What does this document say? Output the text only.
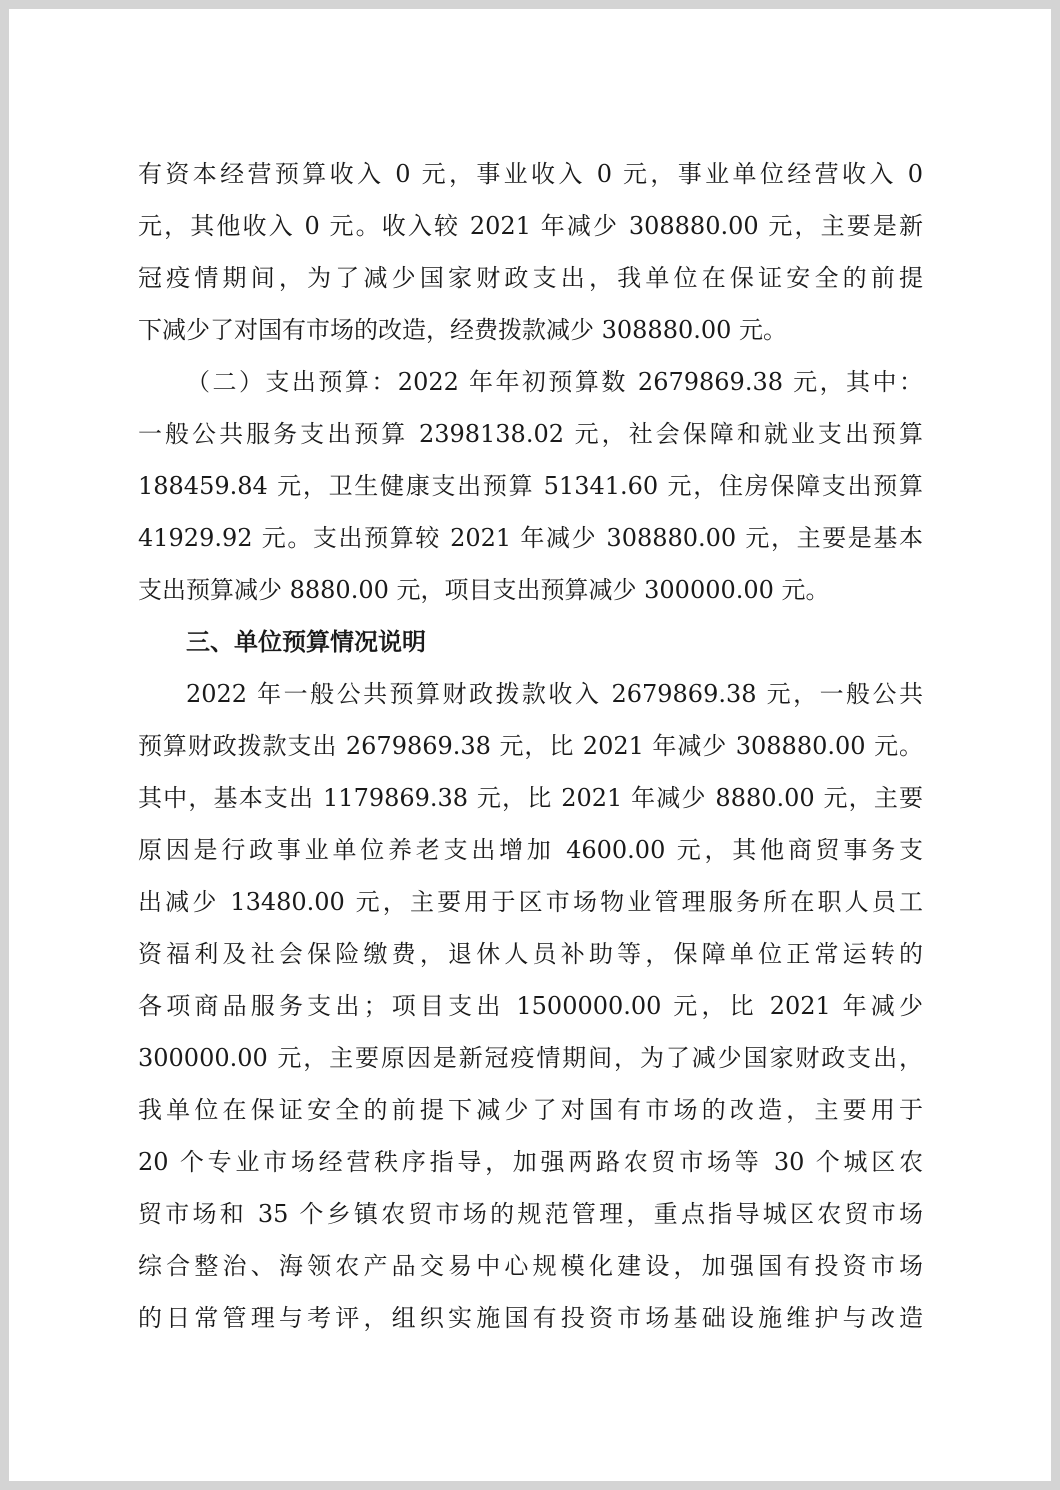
有资本经营预算收入 0 元，事业收入 0 元，事业单位经营收入 0
元，其他收入 0 元。收入较 2021 年减少 308880.00 元，主要是新
冠疫情期间，为了减少国家财政支出，我单位在保证安全的前提
下减少了对国有市场的改造，经费拨款减少 308880.00 元。
（二）支出预算：2022 年年初预算数 2679869.38 元，其中：
一般公共服务支出预算 2398138.02 元，社会保障和就业支出预算
188459.84 元，卫生健康支出预算 51341.60 元，住房保障支出预算
41929.92 元。支出预算较 2021 年减少 308880.00 元，主要是基本
支出预算减少 8880.00 元，项目支出预算减少 300000.00 元。
三、单位预算情况说明
2022 年一般公共预算财政拨款收入 2679869.38 元，一般公共
预算财政拨款支出 2679869.38 元，比 2021 年减少 308880.00 元。
其中，基本支出 1179869.38 元，比 2021 年减少 8880.00 元，主要
原因是行政事业单位养老支出增加 4600.00 元，其他商贸事务支
出减少 13480.00 元，主要用于区市场物业管理服务所在职人员工
资福利及社会保险缴费，退休人员补助等，保障单位正常运转的
各项商品服务支出；项目支出 1500000.00 元，比 2021 年减少
300000.00 元，主要原因是新冠疫情期间，为了减少国家财政支出，
我单位在保证安全的前提下减少了对国有市场的改造，主要用于
20 个专业市场经营秩序指导，加强两路农贸市场等 30 个城区农
贸市场和 35 个乡镇农贸市场的规范管理，重点指导城区农贸市场
综合整治、海领农产品交易中心规模化建设，加强国有投资市场
的日常管理与考评，组织实施国有投资市场基础设施维护与改造
